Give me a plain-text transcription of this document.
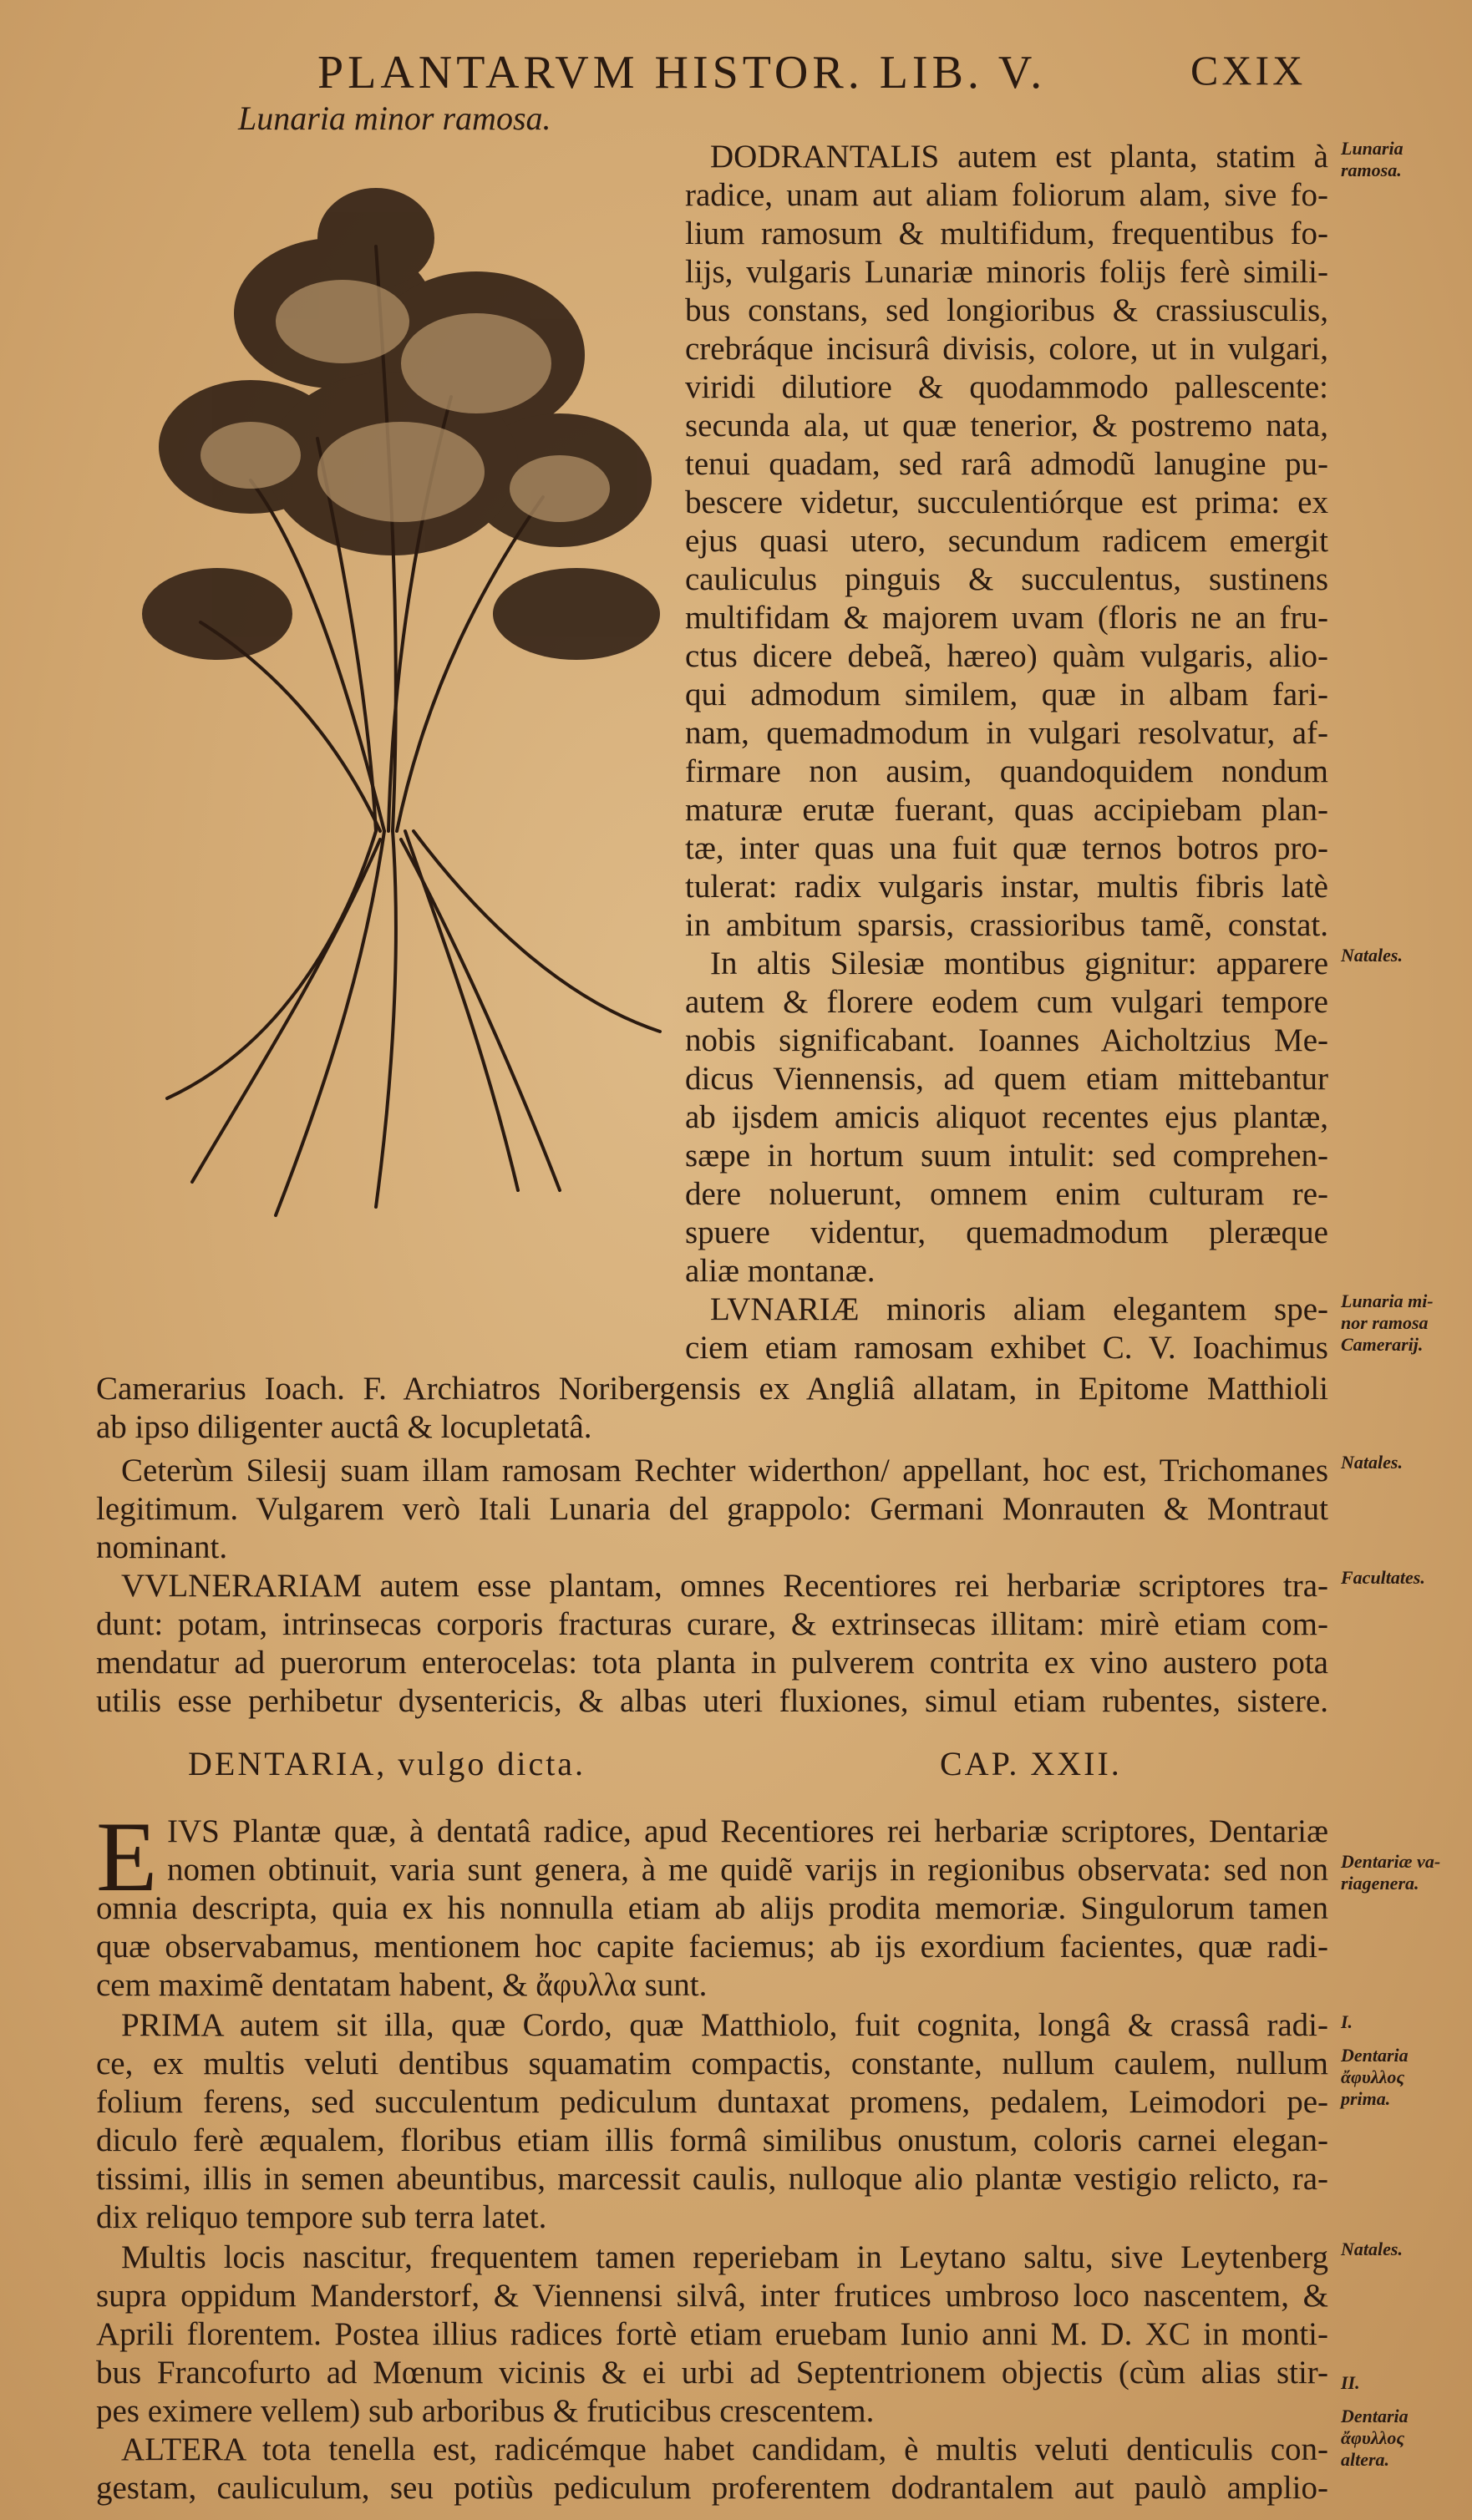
PLANTARVM HISTOR. LIB. V.	CXIX
Lunaria minor ramosa.
DODRANTALIS autem est planta, statim à
radice, unam aut aliam foliorum alam, sive fo-
lium ramosum & multifidum, frequentibus fo-
lijs, vulgaris Lunariæ minoris folijs ferè simili-
bus constans, sed longioribus & crassiusculis,
crebráque incisurâ divisis, colore, ut in vulgari,
viridi dilutiore & quodammodo pallescente:
secunda ala, ut quæ tenerior, & postremo nata,
tenui quadam, sed rarâ admodũ lanugine pu-
bescere videtur, succulentiórque est prima: ex
ejus quasi utero, secundum radicem emergit
cauliculus pinguis & succulentus, sustinens
multifidam & majorem uvam (floris ne an fru-
ctus dicere debeã, hæreo) quàm vulgaris, alio-
qui admodum similem, quæ in albam fari-
nam, quemadmodum in vulgari resolvatur, af-
firmare non ausim, quandoquidem nondum
maturæ erutæ fuerant, quas accipiebam plan-
tæ, inter quas una fuit quæ ternos botros pro-
tulerat: radix vulgaris instar, multis fibris latè
in ambitum sparsis, crassioribus tamẽ, constat.
In altis Silesiæ montibus gignitur: apparere
autem & florere eodem cum vulgari tempore
nobis significabant. Ioannes Aicholtzius Me-
dicus Viennensis, ad quem etiam mittebantur
ab ijsdem amicis aliquot recentes ejus plantæ,
sæpe in hortum suum intulit: sed comprehen-
dere noluerunt, omnem enim culturam re-
spuere videntur, quemadmodum pleræque
aliæ montanæ.
LVNARIÆ minoris aliam elegantem spe-
ciem etiam ramosam exhibet C. V. Ioachimus
Camerarius Ioach. F. Archiatros Noribergensis ex Angliâ allatam, in Epitome Matthioli
ab ipso diligenter auctâ & locupletatâ.
Ceterùm Silesij suam illam ramosam Rechter widerthon/ appellant, hoc est, Trichomanes
legitimum. Vulgarem verò Itali Lunaria del grappolo: Germani Monrauten & Montraut
nominant.
VVLNERARIAM autem esse plantam, omnes Recentiores rei herbariæ scriptores tra-
dunt: potam, intrinsecas corporis fracturas curare, & extrinsecas illitam: mirè etiam com-
mendatur ad puerorum enterocelas: tota planta in pulverem contrita ex vino austero pota
utilis esse perhibetur dysentericis, & albas uteri fluxiones, simul etiam rubentes, sistere.
DENTARIA, vulgo dicta.	CAP. XXII.
E IVS Plantæ quæ, à dentatâ radice, apud Recentiores rei herbariæ scriptores, Dentariæ
nomen obtinuit, varia sunt genera, à me quidẽ varijs in regionibus observata: sed non
omnia descripta, quia ex his nonnulla etiam ab alijs prodita memoriæ. Singulorum tamen
quæ observabamus, mentionem hoc capite faciemus; ab ijs exordium facientes, quæ radi-
cem maximẽ dentatam habent, & ἄφυλλα sunt.
PRIMA autem sit illa, quæ Cordo, quæ Matthiolo, fuit cognita, longâ & crassâ radi-
ce, ex multis veluti dentibus squamatim compactis, constante, nullum caulem, nullum
folium ferens, sed succulentum pediculum duntaxat promens, pedalem, Leimodori pe-
diculo ferè æqualem, floribus etiam illis formâ similibus onustum, coloris carnei elegan-
tissimi, illis in semen abeuntibus, marcessit caulis, nulloque alio plantæ vestigio relicto, ra-
dix reliquo tempore sub terra latet.
Multis locis nascitur, frequentem tamen reperiebam in Leytano saltu, sive Leytenberg
supra oppidum Manderstorf, & Viennensi silvâ, inter frutices umbroso loco nascentem, &
Aprili florentem. Postea illius radices fortè etiam eruebam Iunio anni M. D. XC in monti-
bus Francofurto ad Mœnum vicinis & ei urbi ad Septentrionem objectis (cùm alias stir-
pes eximere vellem) sub arboribus & fruticibus crescentem.
ALTERA tota tenella est, radicémque habet candidam, è multis veluti denticulis con-
gestam, cauliculum, seu potiùs pediculum proferentem dodrantalem aut paulò amplio-
Lunaria ramosa.
Natales.
Lunaria mi- nor ramosa Camerarij.
Natales.
Facultates.
Dentariæ va- riagenera.
I.
Dentaria ἄφυλλος prima.
Natales.
II.
Dentaria ἄφυλλος altera.
